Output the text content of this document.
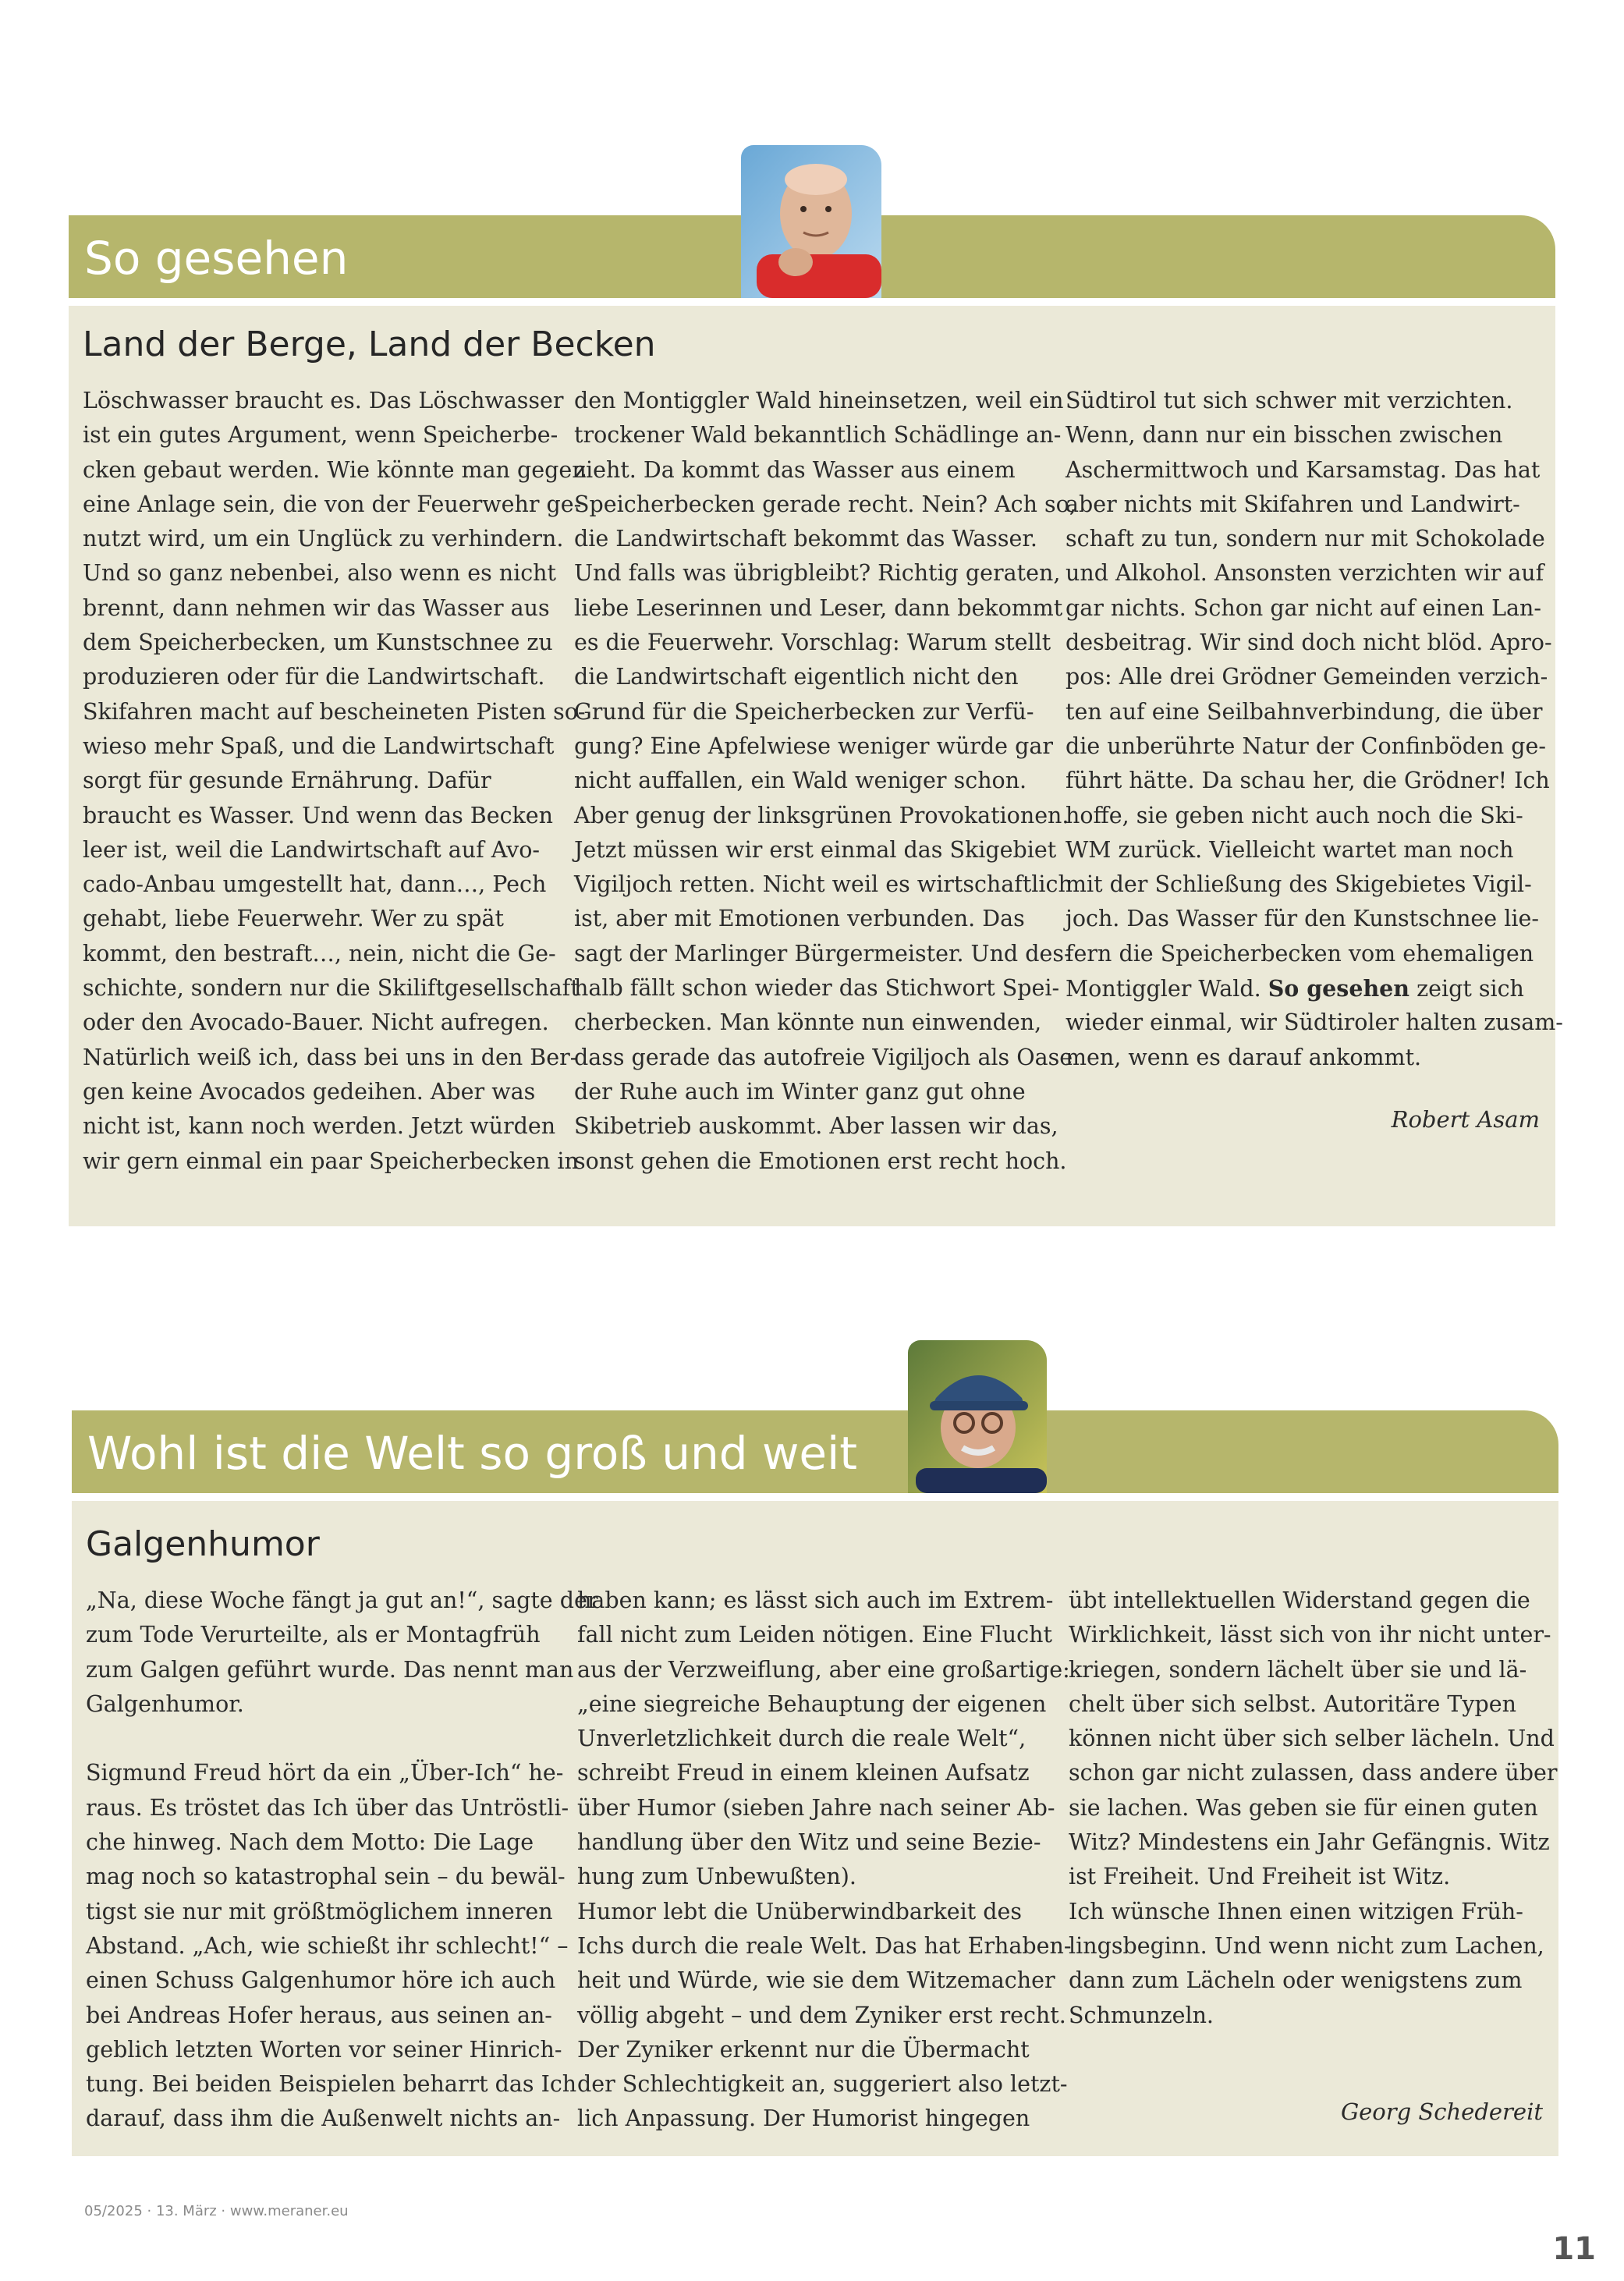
So gesehen
Land der Berge, Land der Becken
Löschwasser braucht es. Das Löschwasser
ist ein gutes Argument, wenn Speicherbe-
cken gebaut werden. Wie könnte man gegen
eine Anlage sein, die von der Feuerwehr ge-
nutzt wird, um ein Unglück zu verhindern.
Und so ganz nebenbei, also wenn es nicht
brennt, dann nehmen wir das Wasser aus
dem Speicherbecken, um Kunstschnee zu
produzieren oder für die Landwirtschaft.
Skifahren macht auf bescheineten Pisten so-
wieso mehr Spaß, und die Landwirtschaft
sorgt für gesunde Ernährung. Dafür
braucht es Wasser. Und wenn das Becken
leer ist, weil die Landwirtschaft auf Avo-
cado-Anbau umgestellt hat, dann…, Pech
gehabt, liebe Feuerwehr. Wer zu spät
kommt, den bestraft…, nein, nicht die Ge-
schichte, sondern nur die Skiliftgesellschaft
oder den Avocado-Bauer. Nicht aufregen.
Natürlich weiß ich, dass bei uns in den Ber-
gen keine Avocados gedeihen. Aber was
nicht ist, kann noch werden. Jetzt würden
wir gern einmal ein paar Speicherbecken in
den Montiggler Wald hineinsetzen, weil ein
trockener Wald bekanntlich Schädlinge an-
zieht. Da kommt das Wasser aus einem
Speicherbecken gerade recht. Nein? Ach so,
die Landwirtschaft bekommt das Wasser.
Und falls was übrigbleibt? Richtig geraten,
liebe Leserinnen und Leser, dann bekommt
es die Feuerwehr. Vorschlag: Warum stellt
die Landwirtschaft eigentlich nicht den
Grund für die Speicherbecken zur Verfü-
gung? Eine Apfelwiese weniger würde gar
nicht auffallen, ein Wald weniger schon.
Aber genug der linksgrünen Provokationen.
Jetzt müssen wir erst einmal das Skigebiet
Vigiljoch retten. Nicht weil es wirtschaftlich
ist, aber mit Emotionen verbunden. Das
sagt der Marlinger Bürgermeister. Und des-
halb fällt schon wieder das Stichwort Spei-
cherbecken. Man könnte nun einwenden,
dass gerade das autofreie Vigiljoch als Oase
der Ruhe auch im Winter ganz gut ohne
Skibetrieb auskommt. Aber lassen wir das,
sonst gehen die Emotionen erst recht hoch.
Südtirol tut sich schwer mit verzichten.
Wenn, dann nur ein bisschen zwischen
Aschermittwoch und Karsamstag. Das hat
aber nichts mit Skifahren und Landwirt-
schaft zu tun, sondern nur mit Schokolade
und Alkohol. Ansonsten verzichten wir auf
gar nichts. Schon gar nicht auf einen Lan-
desbeitrag. Wir sind doch nicht blöd. Apro-
pos: Alle drei Grödner Gemeinden verzich-
ten auf eine Seilbahnverbindung, die über
die unberührte Natur der Confinböden ge-
führt hätte. Da schau her, die Grödner! Ich
hoffe, sie geben nicht auch noch die Ski-
WM zurück. Vielleicht wartet man noch
mit der Schließung des Skigebietes Vigil-
joch. Das Wasser für den Kunstschnee lie-
fern die Speicherbecken vom ehemaligen
Montiggler Wald. So gesehen zeigt sich
wieder einmal, wir Südtiroler halten zusam-
men, wenn es darauf ankommt.
Robert Asam
Wohl ist die Welt so groß und weit
Galgenhumor
„Na, diese Woche fängt ja gut an!“, sagte der
zum Tode Verurteilte, als er Montagfrüh
zum Galgen geführt wurde. Das nennt man
Galgenhumor.
Sigmund Freud hört da ein „Über-Ich“ he-
raus. Es tröstet das Ich über das Untröstli-
che hinweg. Nach dem Motto: Die Lage
mag noch so katastrophal sein – du bewäl-
tigst sie nur mit größtmöglichem inneren
Abstand. „Ach, wie schießt ihr schlecht!“ –
einen Schuss Galgenhumor höre ich auch
bei Andreas Hofer heraus, aus seinen an-
geblich letzten Worten vor seiner Hinrich-
tung. Bei beiden Beispielen beharrt das Ich
darauf, dass ihm die Außenwelt nichts an-
haben kann; es lässt sich auch im Extrem-
fall nicht zum Leiden nötigen. Eine Flucht
aus der Verzweiflung, aber eine großartige:
„eine siegreiche Behauptung der eigenen
Unverletzlichkeit durch die reale Welt“,
schreibt Freud in einem kleinen Aufsatz
über Humor (sieben Jahre nach seiner Ab-
handlung über den Witz und seine Bezie-
hung zum Unbewußten).
Humor lebt die Unüberwindbarkeit des
Ichs durch die reale Welt. Das hat Erhaben-
heit und Würde, wie sie dem Witzemacher
völlig abgeht – und dem Zyniker erst recht.
Der Zyniker erkennt nur die Übermacht
der Schlechtigkeit an, suggeriert also letzt-
lich Anpassung. Der Humorist hingegen
übt intellektuellen Widerstand gegen die
Wirklichkeit, lässt sich von ihr nicht unter-
kriegen, sondern lächelt über sie und lä-
chelt über sich selbst. Autoritäre Typen
können nicht über sich selber lächeln. Und
schon gar nicht zulassen, dass andere über
sie lachen. Was geben sie für einen guten
Witz? Mindestens ein Jahr Gefängnis. Witz
ist Freiheit. Und Freiheit ist Witz.
Ich wünsche Ihnen einen witzigen Früh-
lingsbeginn. Und wenn nicht zum Lachen,
dann zum Lächeln oder wenigstens zum
Schmunzeln.
Georg Schedereit
05/2025 · 13. März · www.meraner.eu
11
